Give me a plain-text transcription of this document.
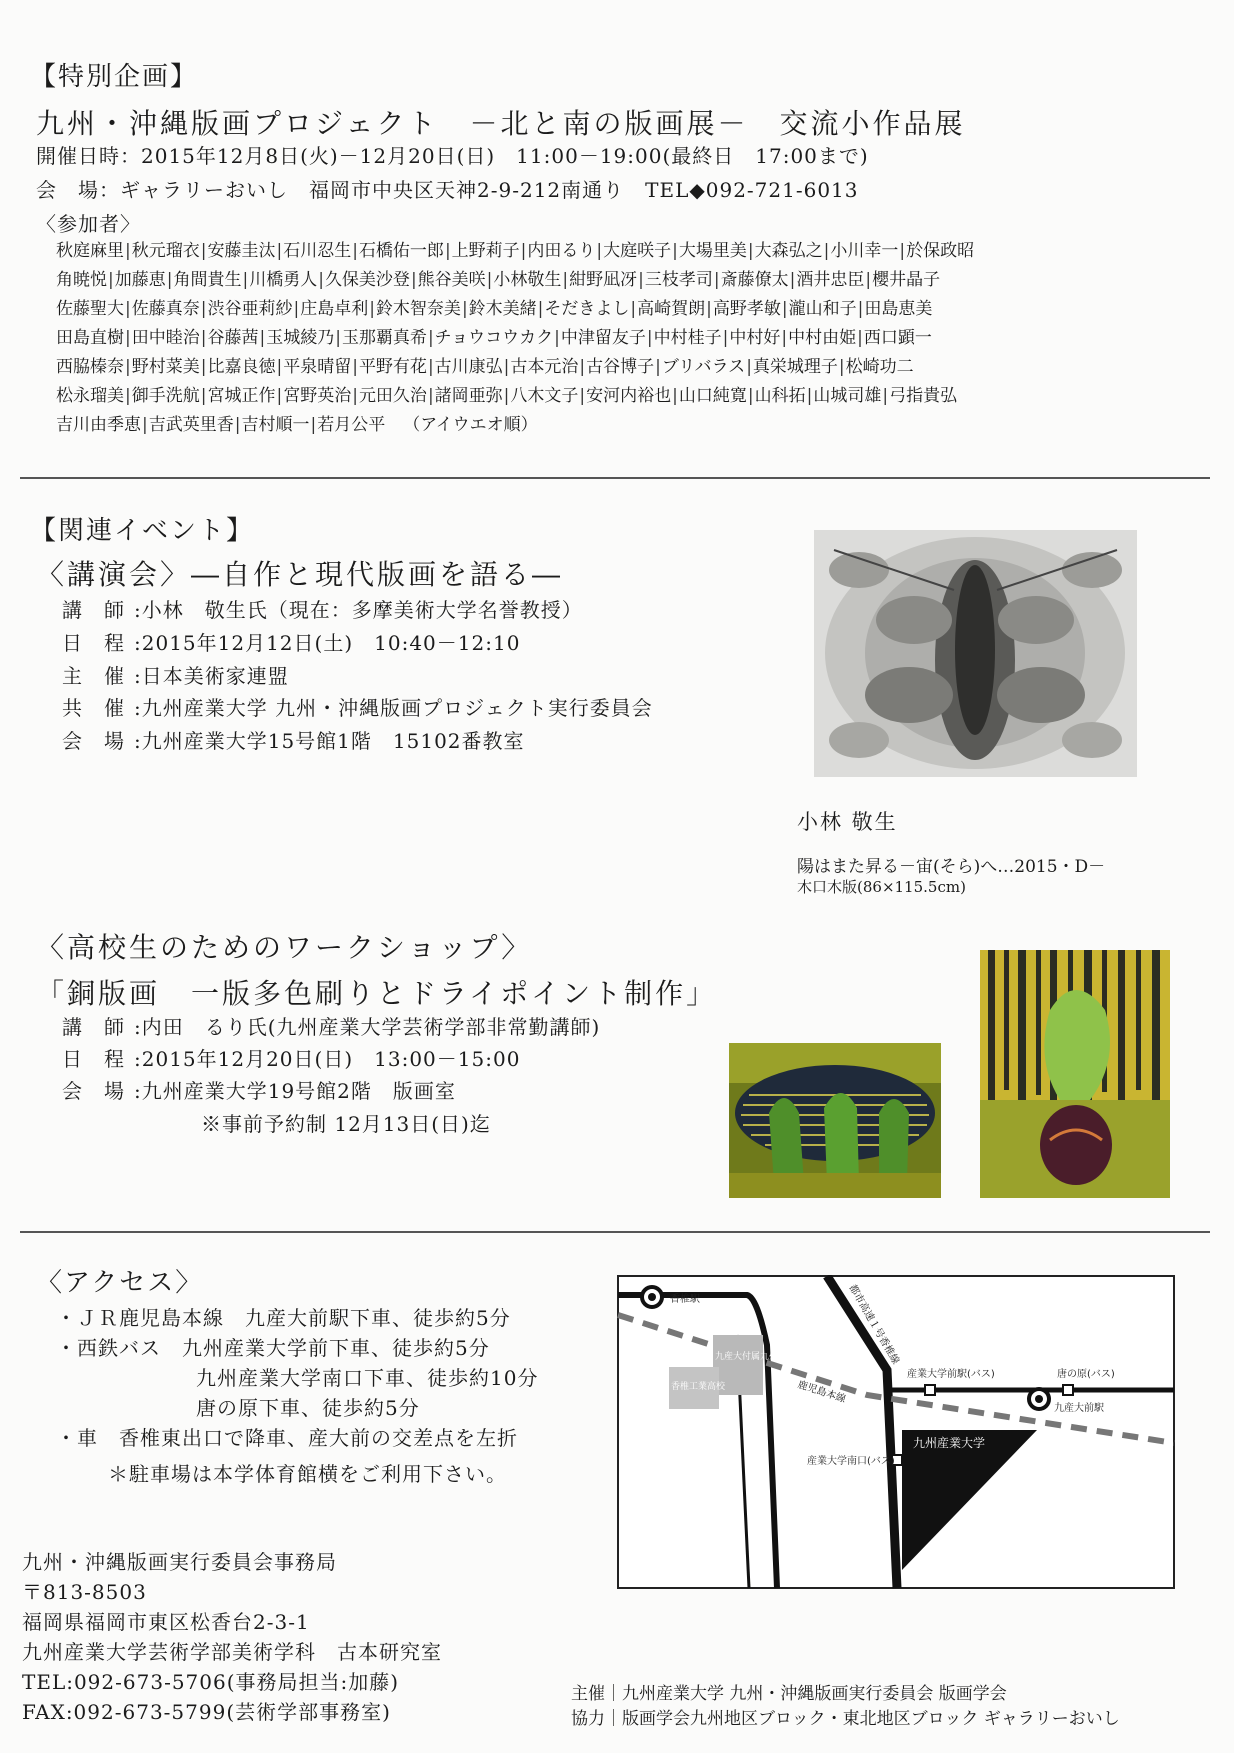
【特別企画】
九州・沖縄版画プロジェクト　－北と南の版画展－　交流小作品展
開催日時：2015年12月8日(火)－12月20日(日)　11:00－19:00(最終日　17:00まで)
会　場：ギャラリーおいし　福岡市中央区天神2-9-212南通り　TEL◆092-721-6013
〈参加者〉
秋庭麻里 | 秋元瑠衣 | 安藤圭汰 | 石川忍生 | 石橋佑一郎 | 上野莉子 | 内田るり | 大庭咲子 | 大場里美 | 大森弘之 | 小川幸一 | 於保政昭
角暁悦 | 加藤恵 | 角間貴生 | 川橋勇人 | 久保美沙登 | 熊谷美咲 | 小林敬生 | 紺野凪冴 | 三枝孝司 | 斎藤僚太 | 酒井忠臣 | 櫻井晶子
佐藤聖大 | 佐藤真奈 | 渋谷亜莉紗 | 庄島卓利 | 鈴木智奈美 | 鈴木美緒 | そだきよし | 高崎賀朗 | 高野孝敏 | 瀧山和子 | 田島恵美
田島直樹 | 田中睦治 | 谷藤茜 | 玉城綾乃 | 玉那覇真希 | チョウコウカク | 中津留友子 | 中村桂子 | 中村好 | 中村由姫 | 西口顕一
西脇榛奈 | 野村菜美 | 比嘉良徳 | 平泉晴留 | 平野有花 | 古川康弘 | 古本元治 | 古谷博子 | ブリバラス | 真栄城理子 | 松崎功二
松永瑠美 | 御手洗航 | 宮城正作 | 宮野英治 | 元田久治 | 諸岡亜弥 | 八木文子 | 安河内裕也 | 山口純寛 | 山科拓 | 山城司雄 | 弓指貴弘
吉川由季恵 | 吉武英里香 | 吉村順一 | 若月公平 （アイウエオ順）
【関連イベント】
〈講演会〉―自作と現代版画を語る―
講　師 :小林　敬生氏（現在：多摩美術大学名誉教授）
日　程 :2015年12月12日(土)　10:40－12:10
主　催 :日本美術家連盟
共　催 :九州産業大学 九州・沖縄版画プロジェクト実行委員会
会　場 :九州産業大学15号館1階　15102番教室
小林 敬生
陽はまた昇る－宙(そら)へ…2015・D－
木口木版(86×115.5cm)
〈高校生のためのワークショップ〉
「銅版画　一版多色刷りとドライポイント制作」
講　師 :内田　るり氏(九州産業大学芸術学部非常勤講師)
日　程 :2015年12月20日(日)　13:00－15:00
会　場 :九州産業大学19号館2階　版画室
※事前予約制 12月13日(日)迄
〈アクセス〉
・ＪＲ鹿児島本線　九産大前駅下車、徒歩約5分
・西鉄バス　九州産業大学前下車、徒歩約5分
九州産業大学南口下車、徒歩約10分
唐の原下車、徒歩約5分
・車　香椎東出口で降車、産大前の交差点を左折
＊駐車場は本学体育館横をご利用下さい。
香椎駅	都市高速１号香椎線
九産大付属九州高校
香椎工業高校	鹿児島本線
産業大学前駅(バス)	唐の原(バス)
九産大前駅
産業大学南口(バス)
九州産業大学
九州・沖縄版画実行委員会事務局
〒813-8503
福岡県福岡市東区松香台2-3-1
九州産業大学芸術学部美術学科　古本研究室
TEL:092-673-5706(事務局担当:加藤)
FAX:092-673-5799(芸術学部事務室)
主催｜九州産業大学 九州・沖縄版画実行委員会 版画学会
協力｜版画学会九州地区ブロック・東北地区ブロック ギャラリーおいし
